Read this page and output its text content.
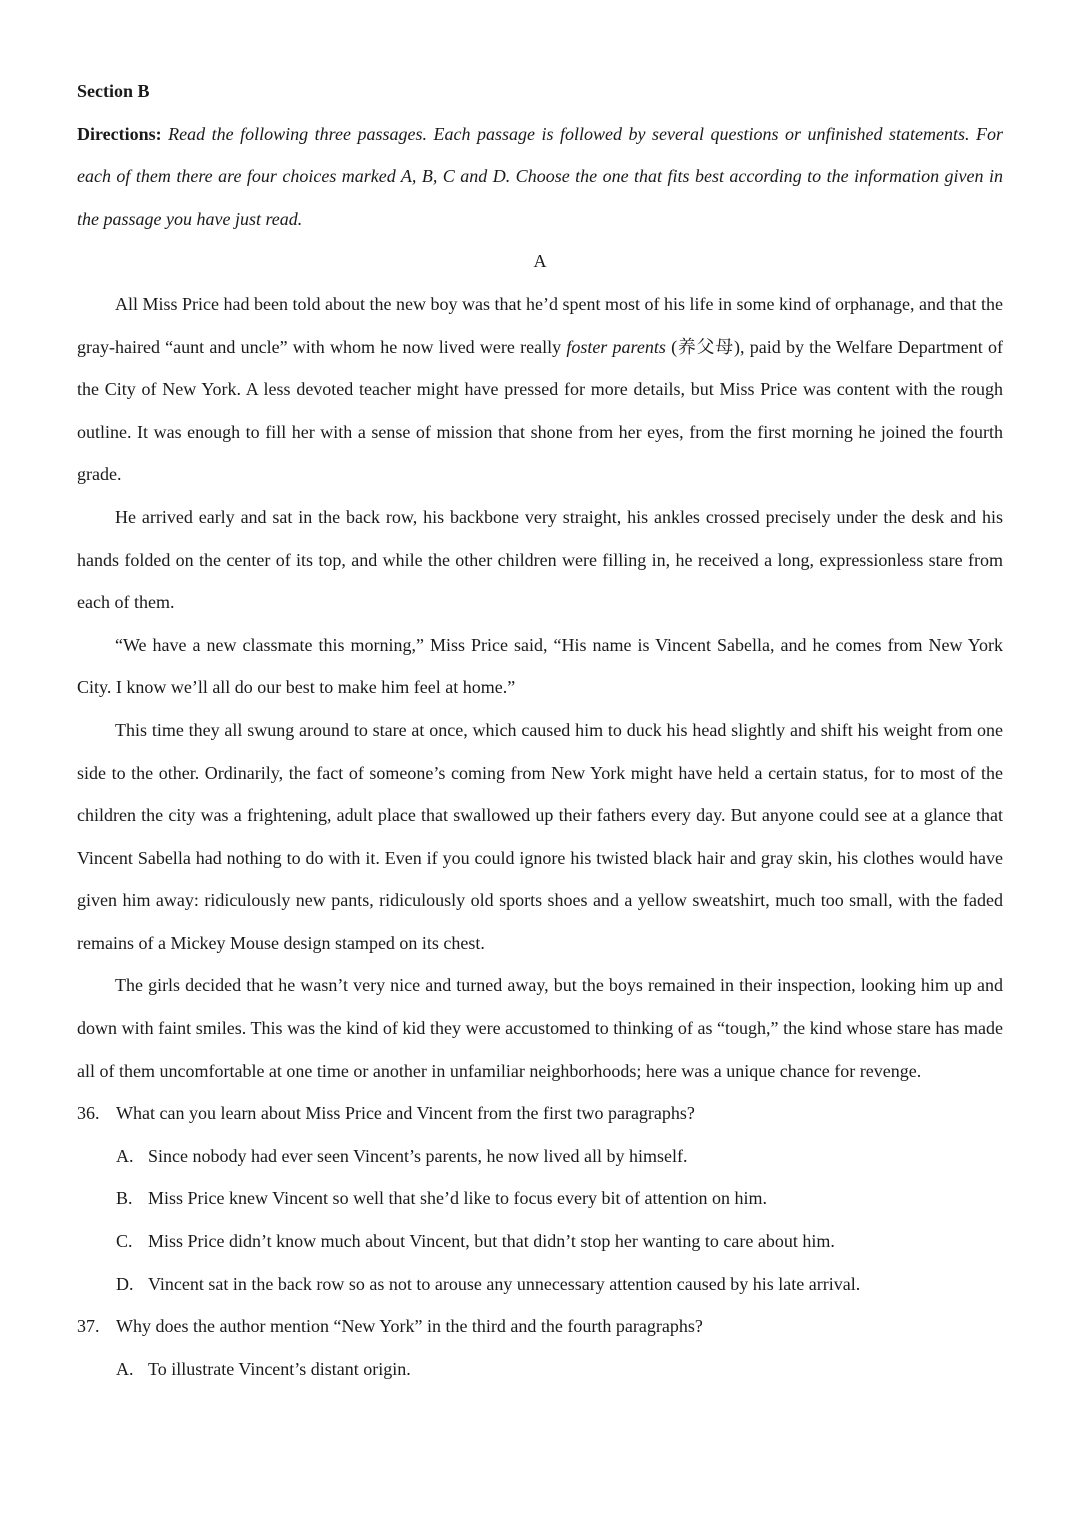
Section B

Directions: Read the following three passages. Each passage is followed by several questions or unfinished statements. For each of them there are four choices marked A, B, C and D. Choose the one that fits best according to the information given in the passage you have just read.

A

All Miss Price had been told about the new boy was that he’d spent most of his life in some kind of orphanage, and that the gray-haired “aunt and uncle” with whom he now lived were really foster parents (养父母), paid by the Welfare Department of the City of New York. A less devoted teacher might have pressed for more details, but Miss Price was content with the rough outline. It was enough to fill her with a sense of mission that shone from her eyes, from the first morning he joined the fourth grade.

He arrived early and sat in the back row, his backbone very straight, his ankles crossed precisely under the desk and his hands folded on the center of its top, and while the other children were filling in, he received a long, expressionless stare from each of them.

“We have a new classmate this morning,” Miss Price said, “His name is Vincent Sabella, and he comes from New York City. I know we’ll all do our best to make him feel at home.”

This time they all swung around to stare at once, which caused him to duck his head slightly and shift his weight from one side to the other. Ordinarily, the fact of someone’s coming from New York might have held a certain status, for to most of the children the city was a frightening, adult place that swallowed up their fathers every day. But anyone could see at a glance that Vincent Sabella had nothing to do with it. Even if you could ignore his twisted black hair and gray skin, his clothes would have given him away: ridiculously new pants, ridiculously old sports shoes and a yellow sweatshirt, much too small, with the faded remains of a Mickey Mouse design stamped on its chest.

The girls decided that he wasn’t very nice and turned away, but the boys remained in their inspection, looking him up and down with faint smiles. This was the kind of kid they were accustomed to thinking of as “tough,” the kind whose stare has made all of them uncomfortable at one time or another in unfamiliar neighborhoods; here was a unique chance for revenge.

36. What can you learn about Miss Price and Vincent from the first two paragraphs?

A. Since nobody had ever seen Vincent’s parents, he now lived all by himself.

B. Miss Price knew Vincent so well that she’d like to focus every bit of attention on him.

C. Miss Price didn’t know much about Vincent, but that didn’t stop her wanting to care about him.

D. Vincent sat in the back row so as not to arouse any unnecessary attention caused by his late arrival.

37. Why does the author mention “New York” in the third and the fourth paragraphs?

A. To illustrate Vincent’s distant origin.
